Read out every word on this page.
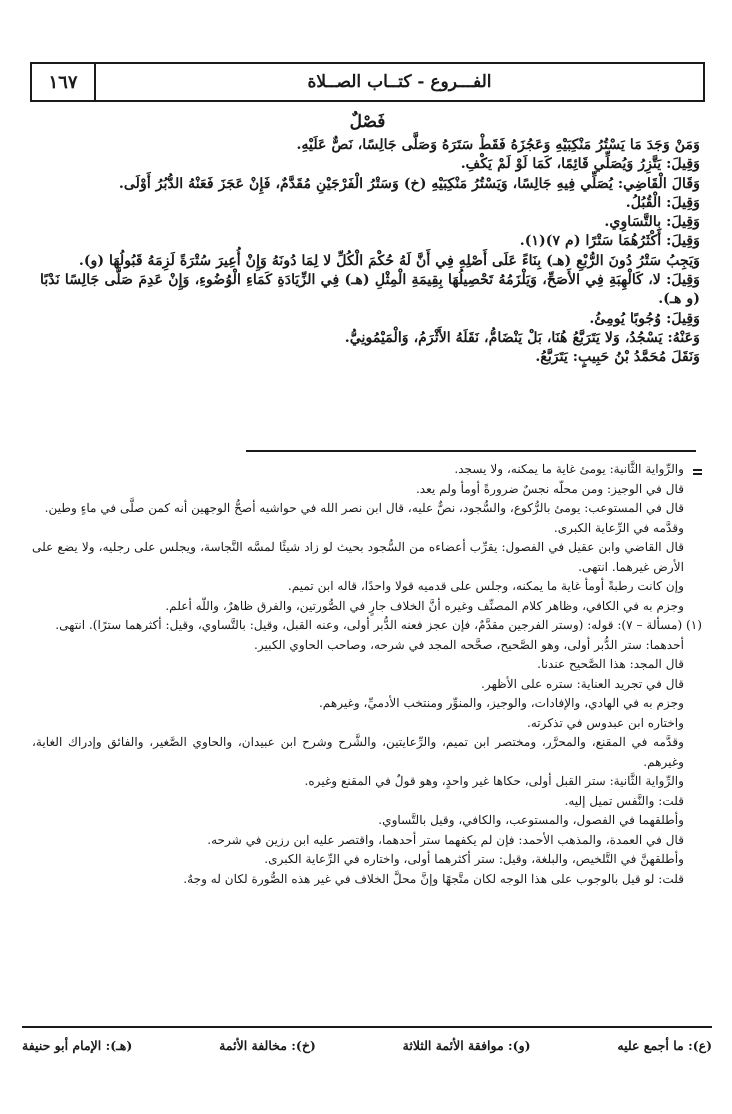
١٦٧	الفـــروع - كتــاب الصــلاة
فَصْلٌ

وَمَنْ وَجَدَ مَا يَسْتُرُ مَنْكِبَيْهِ وَعَجُزَهُ فَقَطْ سَتَرَهُ وَصَلَّى جَالِسًا، نَصٌّ عَلَيْهِ.

وَقِيلَ: يَتَّزِرُ وَيُصَلِّي قَائِمًا، كَمَا لَوْ لَمْ يَكْفِ.

وَقَالَ الْقَاضِي: يُصَلِّي فِيهِ جَالِسًا، وَيَسْتُرُ مَنْكِبَيْهِ (خ) وَسَتْرُ الْفَرْجَيْنِ مُقَدَّمٌ، فَإِنْ عَجَزَ فَعَنْهُ الدُّبُرُ أَوْلَى.

وَقِيلَ: الْقُبُلُ.

وَقِيلَ: بِالتَّسَاوِي.

وَقِيلَ: أَكْثَرُهُمَا سَتْرًا (م ٧)(١).

وَيَجِبُ سَتْرُ دُونَ الرُّبْعِ (هـ) بِنَاءً عَلَى أَصْلِهِ فِي أَنَّ لَهُ حُكْمَ الْكُلِّ لا لِمَا دُونَهُ وَإِنْ أُعِيرَ سُتْرَةً لَزِمَهُ قَبُولُهَا (و).

وَقِيلَ: لا، كَالْهِبَةِ فِي الأَصَحِّ، وَيَلْزَمُهُ تَحْصِيلُهَا بِقِيمَةِ الْمِثْلِ (هـ) فِي الزِّيَادَةِ كَمَاءِ الْوُضُوءِ، وَإِنْ عَدِمَ صَلَّى جَالِسًا نَدْبًا (و هـ).

وَقِيلَ: وُجُوبًا يُومِئُ.

وَعَنْهُ: يَسْجُدُ، وَلا يَتَرَبَّعُ هُنَا، بَلْ يَنْضَامُّ، نَقَلَهُ الأَثْرَمُ، وَالْمَيْمُونِيُّ.

وَنَقَلَ مُحَمَّدُ بْنُ حَبِيبٍ: يَتَرَبَّعُ.

والرِّواية الثَّانية: يومئ غاية ما يمكنه، ولا يسجد.

قال في الوجيز: ومن محلّه نجسٌ ضرورةً أومأ ولم يعد.

قال في المستوعب: يومئ بالرُّكوع، والسُّجود، نصٌّ عليه، قال ابن نصر الله في حواشيه أصحُّ الوجهين أنه كمن صلَّى في ماءٍ وطين.

وقدَّمه في الرِّعاية الكبرى.

قال القاضي وابن عقيل في الفصول: يقرِّب أعضاءه من السُّجود بحيث لو زاد شيئًا لمسَّه النَّجاسة، ويجلس على رجليه، ولا يضع على الأرض غيرهما. انتهى.

وإن كانت رطبةً أومأ غاية ما يمكنه، وجلس على قدميه قولا واحدًا، قاله ابن تميم.

وجزم به في الكافي، وظاهر كلام المصنِّف وغيره أنَّ الخلاف جارٍ في الصُّورتين، والفرق ظاهرٌ، واللّه أعلم.

(١) (مسألة – ٧): قوله: (وستر الفرجين مقدَّمٌ، فإن عجز فعنه الدُّبر أولى، وعنه القبل، وقيل: بالتَّساوي، وقيل: أكثرهما سترًا). انتهى.

أحدهما: ستر الدُّبر أولى، وهو الصَّحيح، صحَّحه المجد في شرحه، وصاحب الحاوي الكبير.

قال المجد: هذا الصَّحيح عندنا.

قال في تجريد العناية: ستره على الأظهر.

وجزم به في الهادي، والإفادات، والوجيز، والمنوِّر ومنتخب الأدميِّ، وغيرهم.

واختاره ابن عبدوس في تذكرته.

وقدَّمه في المقنع، والمحرَّر، ومختصر ابن تميم، والرِّعايتين، والشَّرح وشرح ابن عبيدان، والحاوي الصَّغير، والفائق وإدراك الغاية، وغيرهم.

والرِّواية الثَّانية: ستر القبل أولى، حكاها غير واحدٍ، وهو قولٌ في المقنع وغيره.

قلت: والنَّفس تميل إليه.

وأطلقهما في الفصول، والمستوعب، والكافي، وقيل بالتَّساوي.

قال في العمدة، والمذهب الأحمد: فإن لم يكفهما ستر أحدهما، واقتصر عليه ابن رزين في شرحه.

وأطلقهنَّ في التَّلخيص، والبلغة، وقيل: ستر أكثرهما أولى، واختاره في الرِّعاية الكبرى.

قلت: لو قيل بالوجوب على هذا الوجه لكان متَّجهًا وإنَّ محلَّ الخلاف في غير هذه الصُّورة لكان له وجهٌ.

(ع): ما أجمع عليه
(و): موافقة الأئمة الثلاثة
(خ): مخالفة الأئمة
(هـ): الإمام أبو حنيفة
